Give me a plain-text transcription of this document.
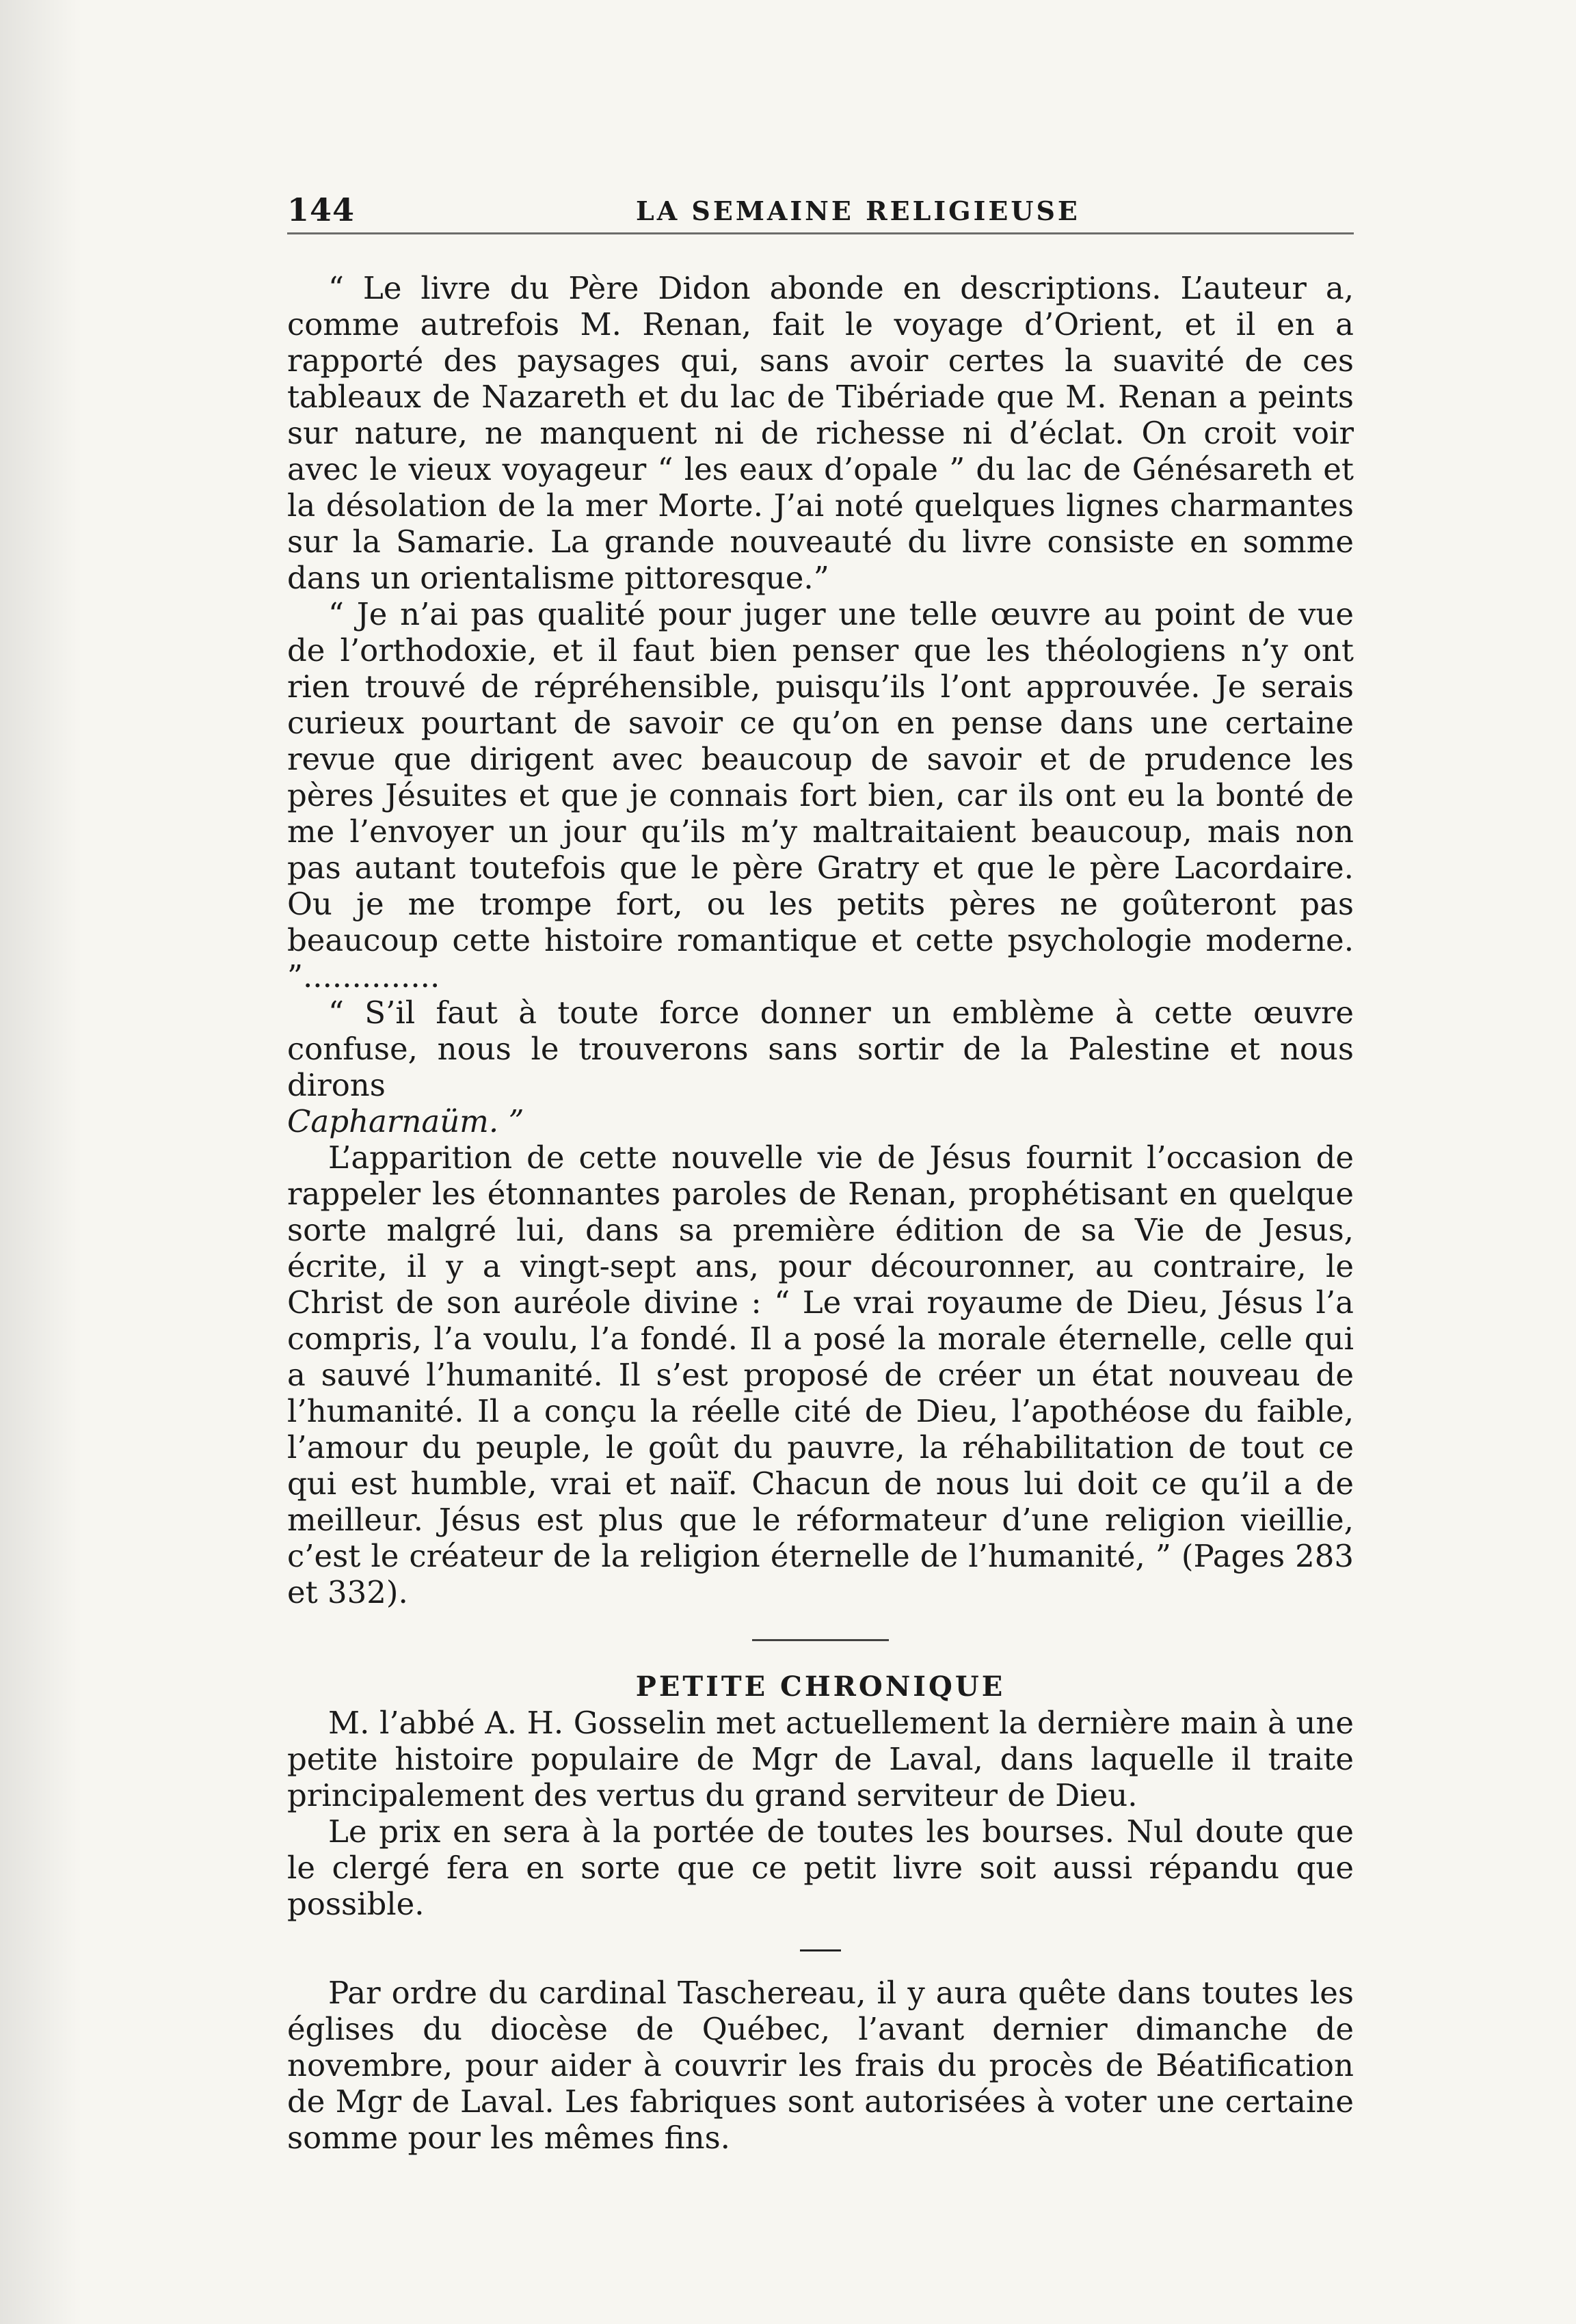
144	LA SEMAINE RELIGIEUSE

“ Le livre du Père Didon abonde en descriptions. L’auteur a, comme autrefois M. Renan, fait le voyage d’Orient, et il en a rapporté des paysages qui, sans avoir certes la suavité de ces tableaux de Nazareth et du lac de Tibériade que M. Renan a peints sur nature, ne manquent ni de richesse ni d’éclat. On croit voir avec le vieux voyageur “ les eaux d’opale ” du lac de Génésareth et la désolation de la mer Morte. J’ai noté quelques lignes charmantes sur la Samarie. La grande nouveauté du livre consiste en somme dans un orientalisme pittoresque.”

“ Je n’ai pas qualité pour juger une telle œuvre au point de vue de l’orthodoxie, et il faut bien penser que les théologiens n’y ont rien trouvé de répréhensible, puisqu’ils l’ont approuvée. Je serais curieux pourtant de savoir ce qu’on en pense dans une certaine revue que dirigent avec beaucoup de savoir et de prudence les pères Jésuites et que je connais fort bien, car ils ont eu la bonté de me l’envoyer un jour qu’ils m’y maltraitaient beaucoup, mais non pas autant toutefois que le père Gratry et que le père Lacordaire. Ou je me trompe fort, ou les petits pères ne goûteront pas beaucoup cette histoire romantique et cette psychologie moderne. ”..............

“ S’il faut à toute force donner un emblème à cette œuvre confuse, nous le trouverons sans sortir de la Palestine et nous dirons

Capharnaüm. ”

L’apparition de cette nouvelle vie de Jésus fournit l’occasion de rappeler les étonnantes paroles de Renan, prophétisant en quelque sorte malgré lui, dans sa première édition de sa Vie de Jesus, écrite, il y a vingt-sept ans, pour découronner, au contraire, le Christ de son auréole divine : “ Le vrai royaume de Dieu, Jésus l’a compris, l’a voulu, l’a fondé. Il a posé la morale éternelle, celle qui a sauvé l’humanité. Il s’est proposé de créer un état nouveau de l’humanité. Il a conçu la réelle cité de Dieu, l’apothéose du faible, l’amour du peuple, le goût du pauvre, la réhabilitation de tout ce qui est humble, vrai et naïf. Chacun de nous lui doit ce qu’il a de meilleur. Jésus est plus que le réformateur d’une religion vieillie, c’est le créateur de la religion éternelle de l’humanité, ” (Pages 283 et 332).

PETITE CHRONIQUE

M. l’abbé A. H. Gosselin met actuellement la dernière main à une petite histoire populaire de Mgr de Laval, dans laquelle il traite principalement des vertus du grand serviteur de Dieu.

Le prix en sera à la portée de toutes les bourses. Nul doute que le clergé fera en sorte que ce petit livre soit aussi répandu que possible.

Par ordre du cardinal Taschereau, il y aura quête dans toutes les églises du diocèse de Québec, l’avant dernier dimanche de novembre, pour aider à couvrir les frais du procès de Béatification de Mgr de Laval. Les fabriques sont autorisées à voter une certaine somme pour les mêmes fins.
